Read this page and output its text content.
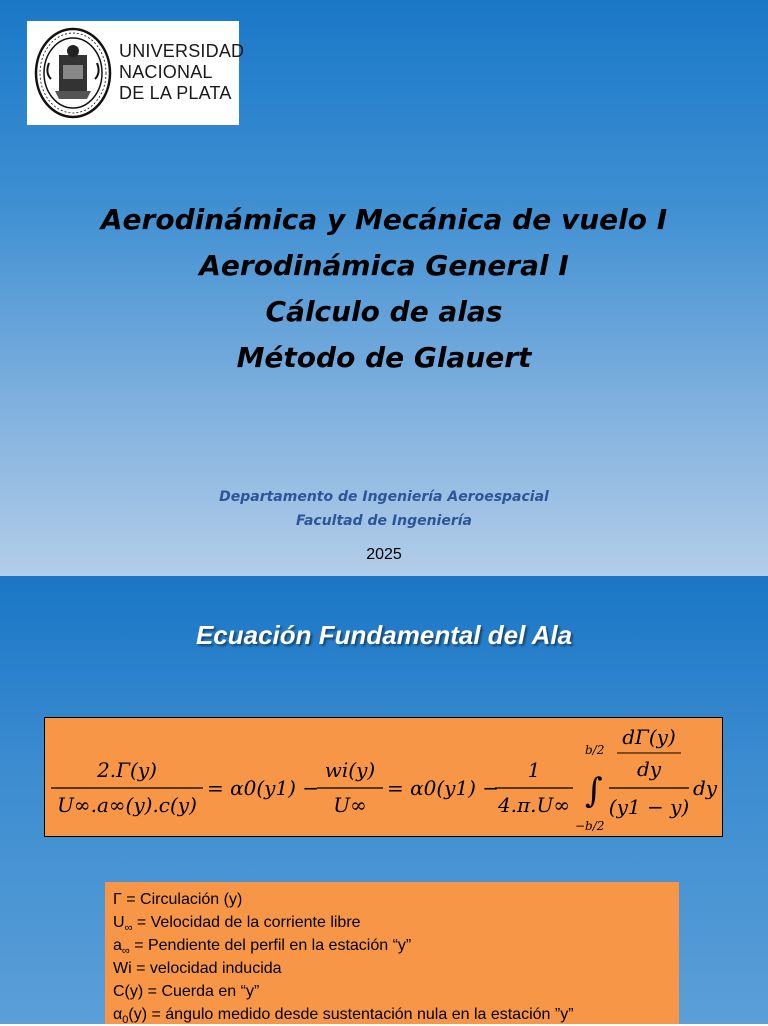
UNIVERSIDAD
NACIONAL
DE LA PLATA
Aerodinámica y Mecánica de vuelo I
Aerodinámica General I
Cálculo de alas
Método de Glauert
Departamento de Ingeniería Aeroespacial
Facultad de Ingeniería
2025
Ecuación Fundamental del Ala
2.Γ(y)
U∞.a∞(y).c(y)
= α0(y1) −
wi(y)
U∞
= α0(y1) −
1
4.π.U∞
b/2
∫
−b/2
dΓ(y)
dy
(y1 − y)
dy
Γ = Circulación (y)
$U_\infty$ = Velocidad de la corriente libre
$a_\infty$ = Pendiente del perfil en la estación “y”
Wi = velocidad inducida
C(y) = Cuerda en “y”
$\alpha_0(y)$ = ángulo medido desde sustentación nula en la estación ”y”
